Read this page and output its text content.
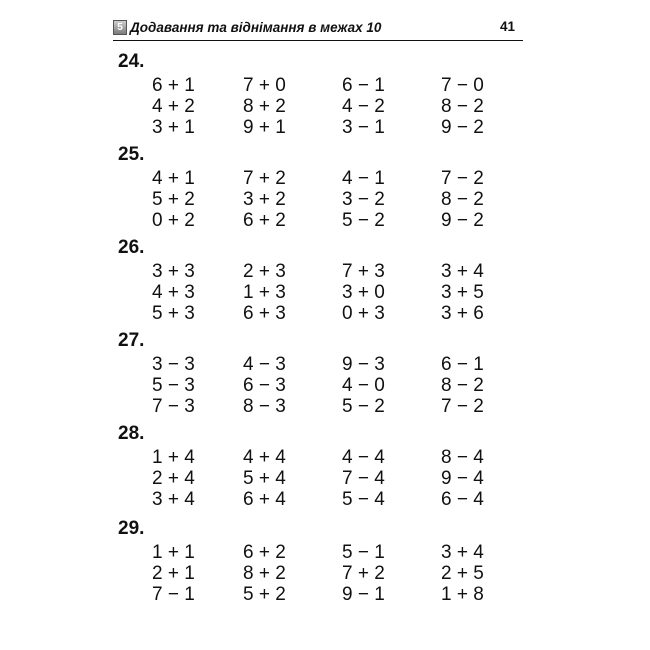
5 Додавання та віднімання в межах 10	41
24.
6 + 1	7 + 0	6 − 1	7 − 0
4 + 2	8 + 2	4 − 2	8 − 2
3 + 1	9 + 1	3 − 1	9 − 2
25.
4 + 1	7 + 2	4 − 1	7 − 2
5 + 2	3 + 2	3 − 2	8 − 2
0 + 2	6 + 2	5 − 2	9 − 2
26.
3 + 3	2 + 3	7 + 3	3 + 4
4 + 3	1 + 3	3 + 0	3 + 5
5 + 3	6 + 3	0 + 3	3 + 6
27.
3 − 3	4 − 3	9 − 3	6 − 1
5 − 3	6 − 3	4 − 0	8 − 2
7 − 3	8 − 3	5 − 2	7 − 2
28.
1 + 4	4 + 4	4 − 4	8 − 4
2 + 4	5 + 4	7 − 4	9 − 4
3 + 4	6 + 4	5 − 4	6 − 4
29.
1 + 1	6 + 2	5 − 1	3 + 4
2 + 1	8 + 2	7 + 2	2 + 5
7 − 1	5 + 2	9 − 1	1 + 8
